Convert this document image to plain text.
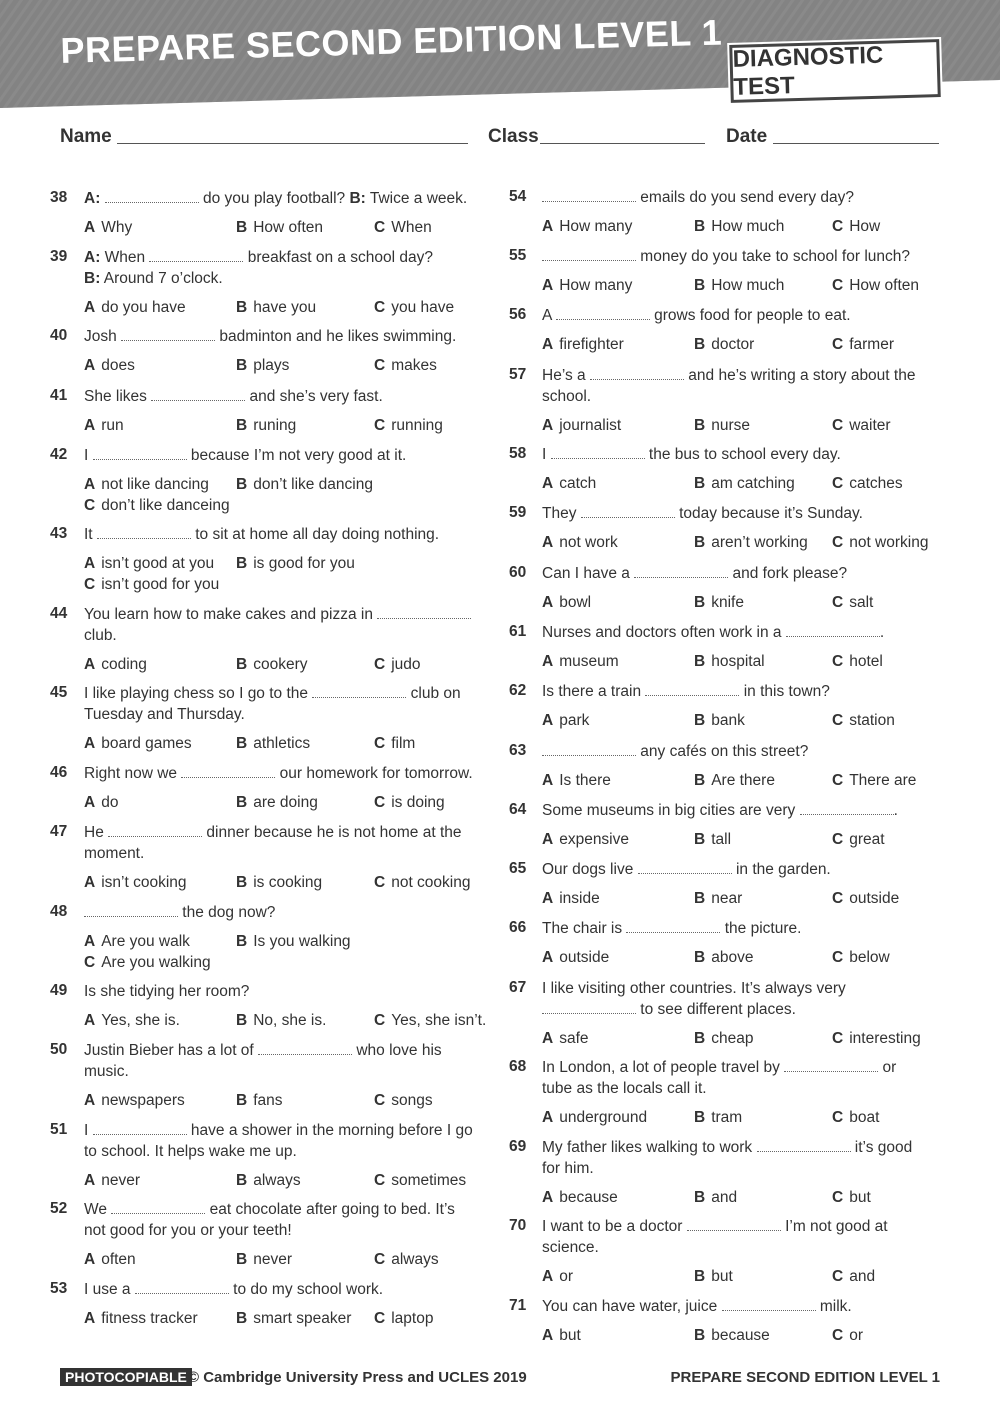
PREPARE SECOND EDITION LEVEL 1 DIAGNOSTIC TEST
Name	Class	Date
38 A:	do you play football? B: Twice a week.
A Why	B How often	C When
39 A: When	breakfast on a school day?
B: Around 7 o’clock.
A do you have	B have you	C you have
40 Josh	badminton and he likes swimming.
A does	B plays	C makes
41 She likes	and she’s very fast.
A run	B runing	C running
42 I	because I’m not very good at it.
A not like dancing B don’t like dancing
C don’t like danceing
43 It	to sit at home all day doing nothing.
A isn’t good at you B is good for you
C isn’t good for you
44 You learn how to make cakes and pizza in
club.
A coding	B cookery	C judo
45 I like playing chess so I go to the	club on
Tuesday and Thursday.
A board games	B athletics	C film
46 Right now we	our homework for tomorrow.
A do	B are doing	C is doing
47 He	dinner because he is not home at the
moment.
A isn’t cooking	B is cooking	C not cooking
48	the dog now?
A Are you walk	B Is you walking
C Are you walking
49 Is she tidying her room?
A Yes, she is.	B No, she is.	C Yes, she isn’t.
50 Justin Bieber has a lot of	who love his
music.
A newspapers	B fans	C songs
51 I	have a shower in the morning before I go
to school. It helps wake me up.
A never	B always	C sometimes
52 We	eat chocolate after going to bed. It’s
not good for you or your teeth!
A often	B never	C always
53 I use a	to do my school work.
A fitness tracker B smart speaker C laptop
54	emails do you send every day?
A How many	B How much	C How
55	money do you take to school for lunch?
A How many	B How much	C How often
56 A	grows food for people to eat.
A firefighter	B doctor	C farmer
57 He’s a	and he’s writing a story about the
school.
A journalist	B nurse	C waiter
58 I	the bus to school every day.
A catch	B am catching C catches
59 They	today because it’s Sunday.
A not work	B aren’t working C not working
60 Can I have a	and fork please?
A bowl	B knife	C salt
61 Nurses and doctors often work in a	.
A museum	B hospital	C hotel
62 Is there a train	in this town?
A park	B bank	C station
63	any cafés on this street?
A Is there	B Are there	C There are
64 Some museums in big cities are very	.
A expensive	B tall	C great
65 Our dogs live	in the garden.
A inside	B near	C outside
66 The chair is	the picture.
A outside	B above	C below
67 I like visiting other countries. It’s always very
to see different places.
A safe	B cheap	C interesting
68 In London, a lot of people travel by	or
tube as the locals call it.
A underground	B tram	C boat
69 My father likes walking to work	it’s good
for him.
A because	B and	C but
70 I want to be a doctor	I’m not good at
science.
A or	B but	C and
71 You can have water, juice	milk.
A but	B because	C or
PHOTOCOPIABLE © Cambridge University Press and UCLES 2019	PREPARE SECOND EDITION LEVEL 1
